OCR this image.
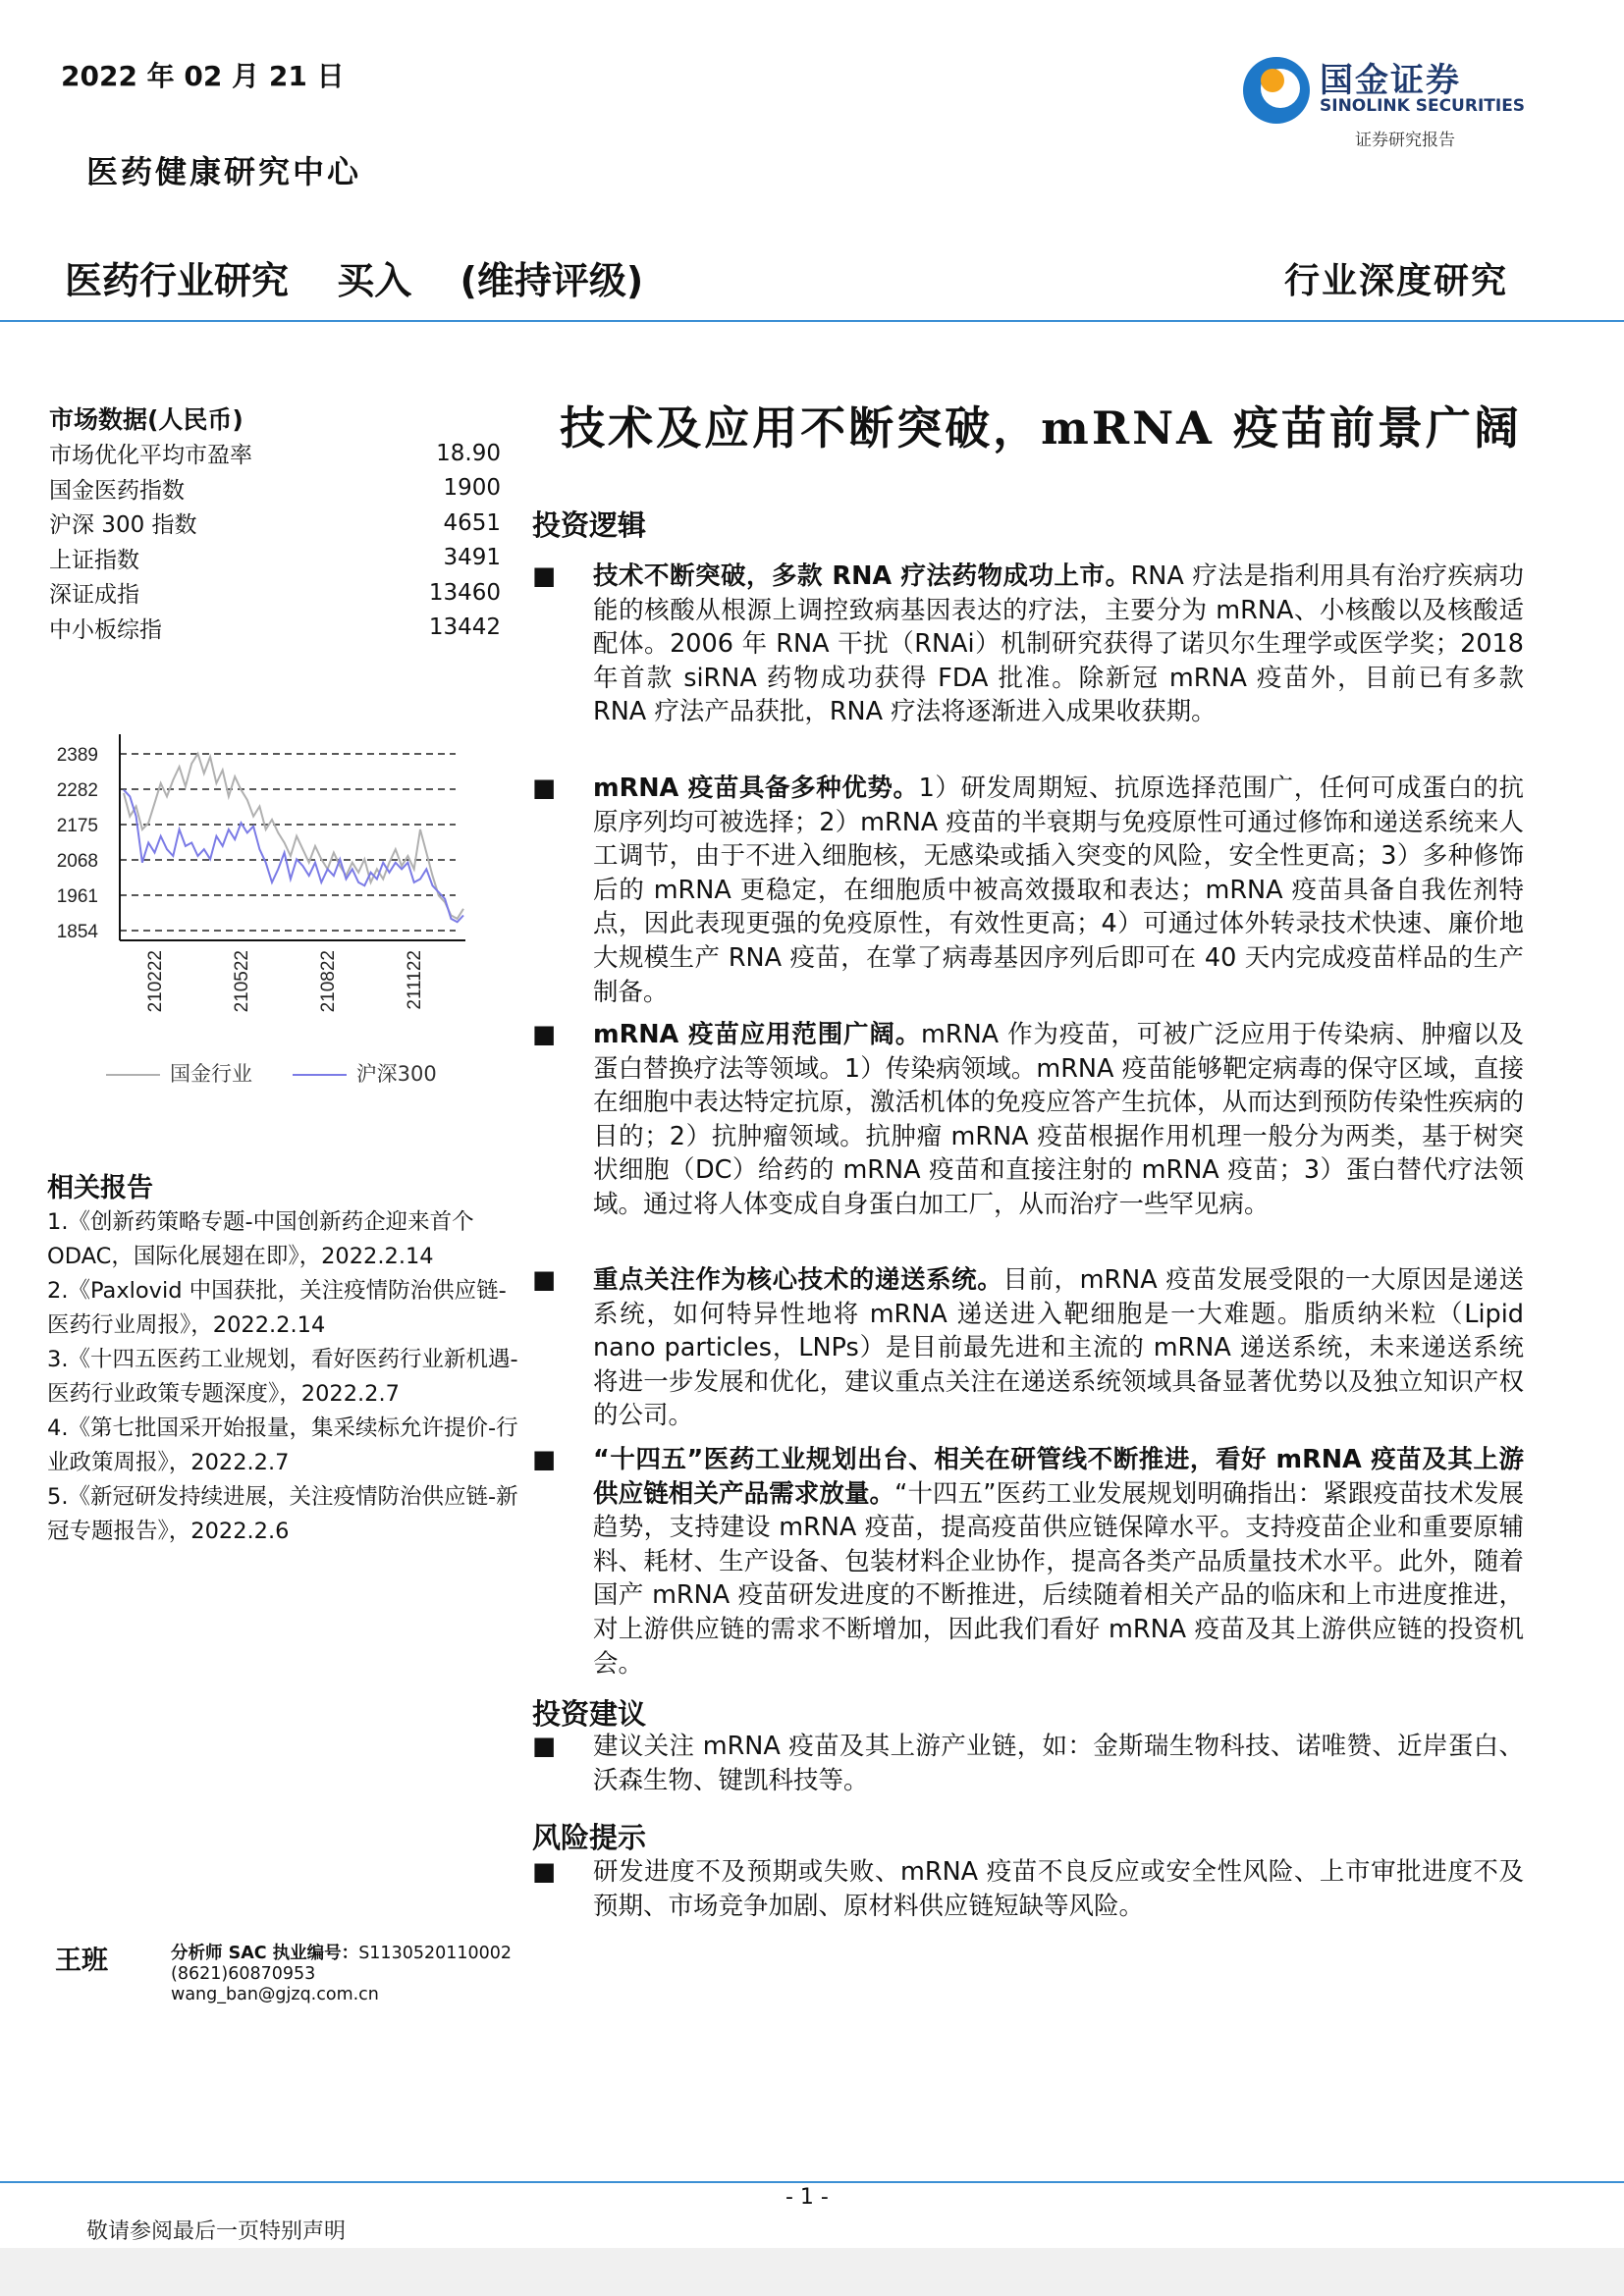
2022 年 02 月 21 日
医药健康研究中心
国金证券
SINOLINK SECURITIES
证券研究报告
医药行业研究 买入 (维持评级)	行业深度研究
市场数据(人民币)
市场优化平均市盈率	18.90
国金医药指数	1900
沪深 300 指数	4651
上证指数	3491
深证成指	13460
中小板综指	13442
2389
2282
2175
2068
1961
1854
210222	210522	210822	211122
国金行业	沪深300
相关报告
1.《创新药策略专题-中国创新药企迎来首个 ODAC，国际化展翅在即》，2022.2.14
2.《Paxlovid 中国获批，关注疫情防治供应链-医药行业周报》，2022.2.14
3.《十四五医药工业规划，看好医药行业新机遇-医药行业政策专题深度》，2022.2.7
4.《第七批国采开始报量，集采续标允许提价-行业政策周报》，2022.2.7
5.《新冠研发持续进展，关注疫情防治供应链-新冠专题报告》，2022.2.6
王班	分析师 SAC 执业编号：S1130520110002
(8621)60870953
wang_ban@gjzq.com.cn
技术及应用不断突破，mRNA 疫苗前景广阔
投资逻辑
■	技术不断突破，多款 RNA 疗法药物成功上市。RNA 疗法是指利用具有治疗疾病功能的核酸从根源上调控致病基因表达的疗法，主要分为 mRNA、小核酸以及核酸适配体。2006 年 RNA 干扰（RNAi）机制研究获得了诺贝尔生理学或医学奖；2018 年首款 siRNA 药物成功获得 FDA 批准。除新冠 mRNA 疫苗外，目前已有多款 RNA 疗法产品获批，RNA 疗法将逐渐进入成果收获期。
■	mRNA 疫苗具备多种优势。1）研发周期短、抗原选择范围广，任何可成蛋白的抗原序列均可被选择；2）mRNA 疫苗的半衰期与免疫原性可通过修饰和递送系统来人工调节，由于不进入细胞核，无感染或插入突变的风险，安全性更高；3）多种修饰后的 mRNA 更稳定，在细胞质中被高效摄取和表达；mRNA 疫苗具备自我佐剂特点，因此表现更强的免疫原性，有效性更高；4）可通过体外转录技术快速、廉价地大规模生产 RNA 疫苗，在掌了病毒基因序列后即可在 40 天内完成疫苗样品的生产制备。
■	mRNA 疫苗应用范围广阔。mRNA 作为疫苗，可被广泛应用于传染病、肿瘤以及蛋白替换疗法等领域。1）传染病领域。mRNA 疫苗能够靶定病毒的保守区域，直接在细胞中表达特定抗原，激活机体的免疫应答产生抗体，从而达到预防传染性疾病的目的；2）抗肿瘤领域。抗肿瘤 mRNA 疫苗根据作用机理一般分为两类，基于树突状细胞（DC）给药的 mRNA 疫苗和直接注射的 mRNA 疫苗；3）蛋白替代疗法领域。通过将人体变成自身蛋白加工厂，从而治疗一些罕见病。
■	重点关注作为核心技术的递送系统。目前，mRNA 疫苗发展受限的一大原因是递送系统，如何特异性地将 mRNA 递送进入靶细胞是一大难题。脂质纳米粒（Lipid nano particles，LNPs）是目前最先进和主流的 mRNA 递送系统，未来递送系统将进一步发展和优化，建议重点关注在递送系统领域具备显著优势以及独立知识产权的公司。
■	“十四五”医药工业规划出台、相关在研管线不断推进，看好 mRNA 疫苗及其上游供应链相关产品需求放量。“十四五”医药工业发展规划明确指出：紧跟疫苗技术发展趋势，支持建设 mRNA 疫苗，提高疫苗供应链保障水平。支持疫苗企业和重要原辅料、耗材、生产设备、包装材料企业协作，提高各类产品质量技术水平。此外，随着国产 mRNA 疫苗研发进度的不断推进，后续随着相关产品的临床和上市进度推进，对上游供应链的需求不断增加，因此我们看好 mRNA 疫苗及其上游供应链的投资机会。
投资建议
■	建议关注 mRNA 疫苗及其上游产业链，如：金斯瑞生物科技、诺唯赞、近岸蛋白、沃森生物、键凯科技等。
风险提示
■	研发进度不及预期或失败、mRNA 疫苗不良反应或安全性风险、上市审批进度不及预期、市场竞争加剧、原材料供应链短缺等风险。
- 1 -
敬请参阅最后一页特别声明
